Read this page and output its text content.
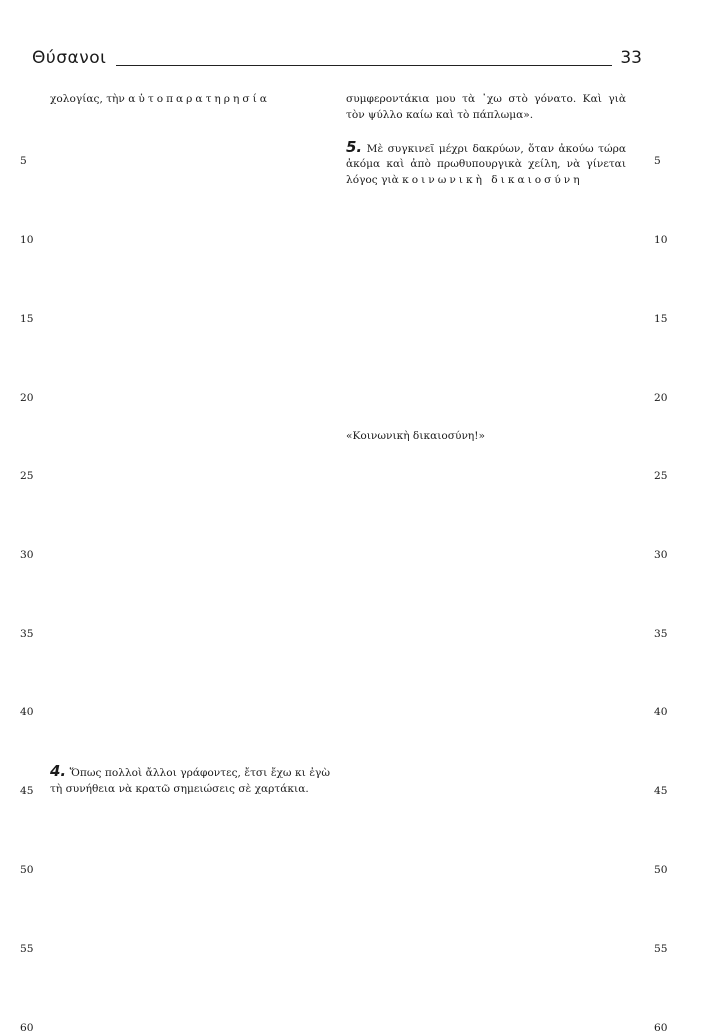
Θύσανοι	33
5
10
15
20
25
30
35
40
45
50
55
60

χολογίας, τὴν αὐτοπαρατηρησία

4. Ὅπως πολλοὶ ἄλλοι γράφοντες, ἔτσι ἔχω κι ἐγὼ τὴ συνήθεια νὰ κρατῶ σημειώσεις σὲ χαρτάκια.

συμφεροντάκια μου τὰ ᾽χω στὸ γόνατο. Καὶ γιὰ τὸν ψύλλο καίω καὶ τὸ πάπλωμα».

5. Μὲ συγκινεῖ μέχρι δακρύων, ὅταν ἀκούω τώρα ἀκόμα καὶ ἀπὸ πρωθυπουργικὰ χείλη, νὰ γίνεται λόγος γιὰ κοινωνικὴ δικαιοσύνη

«Κοινωνικὴ δικαιοσύνη!»

5
10
15
20
25
30
35
40
45
50
55
60
